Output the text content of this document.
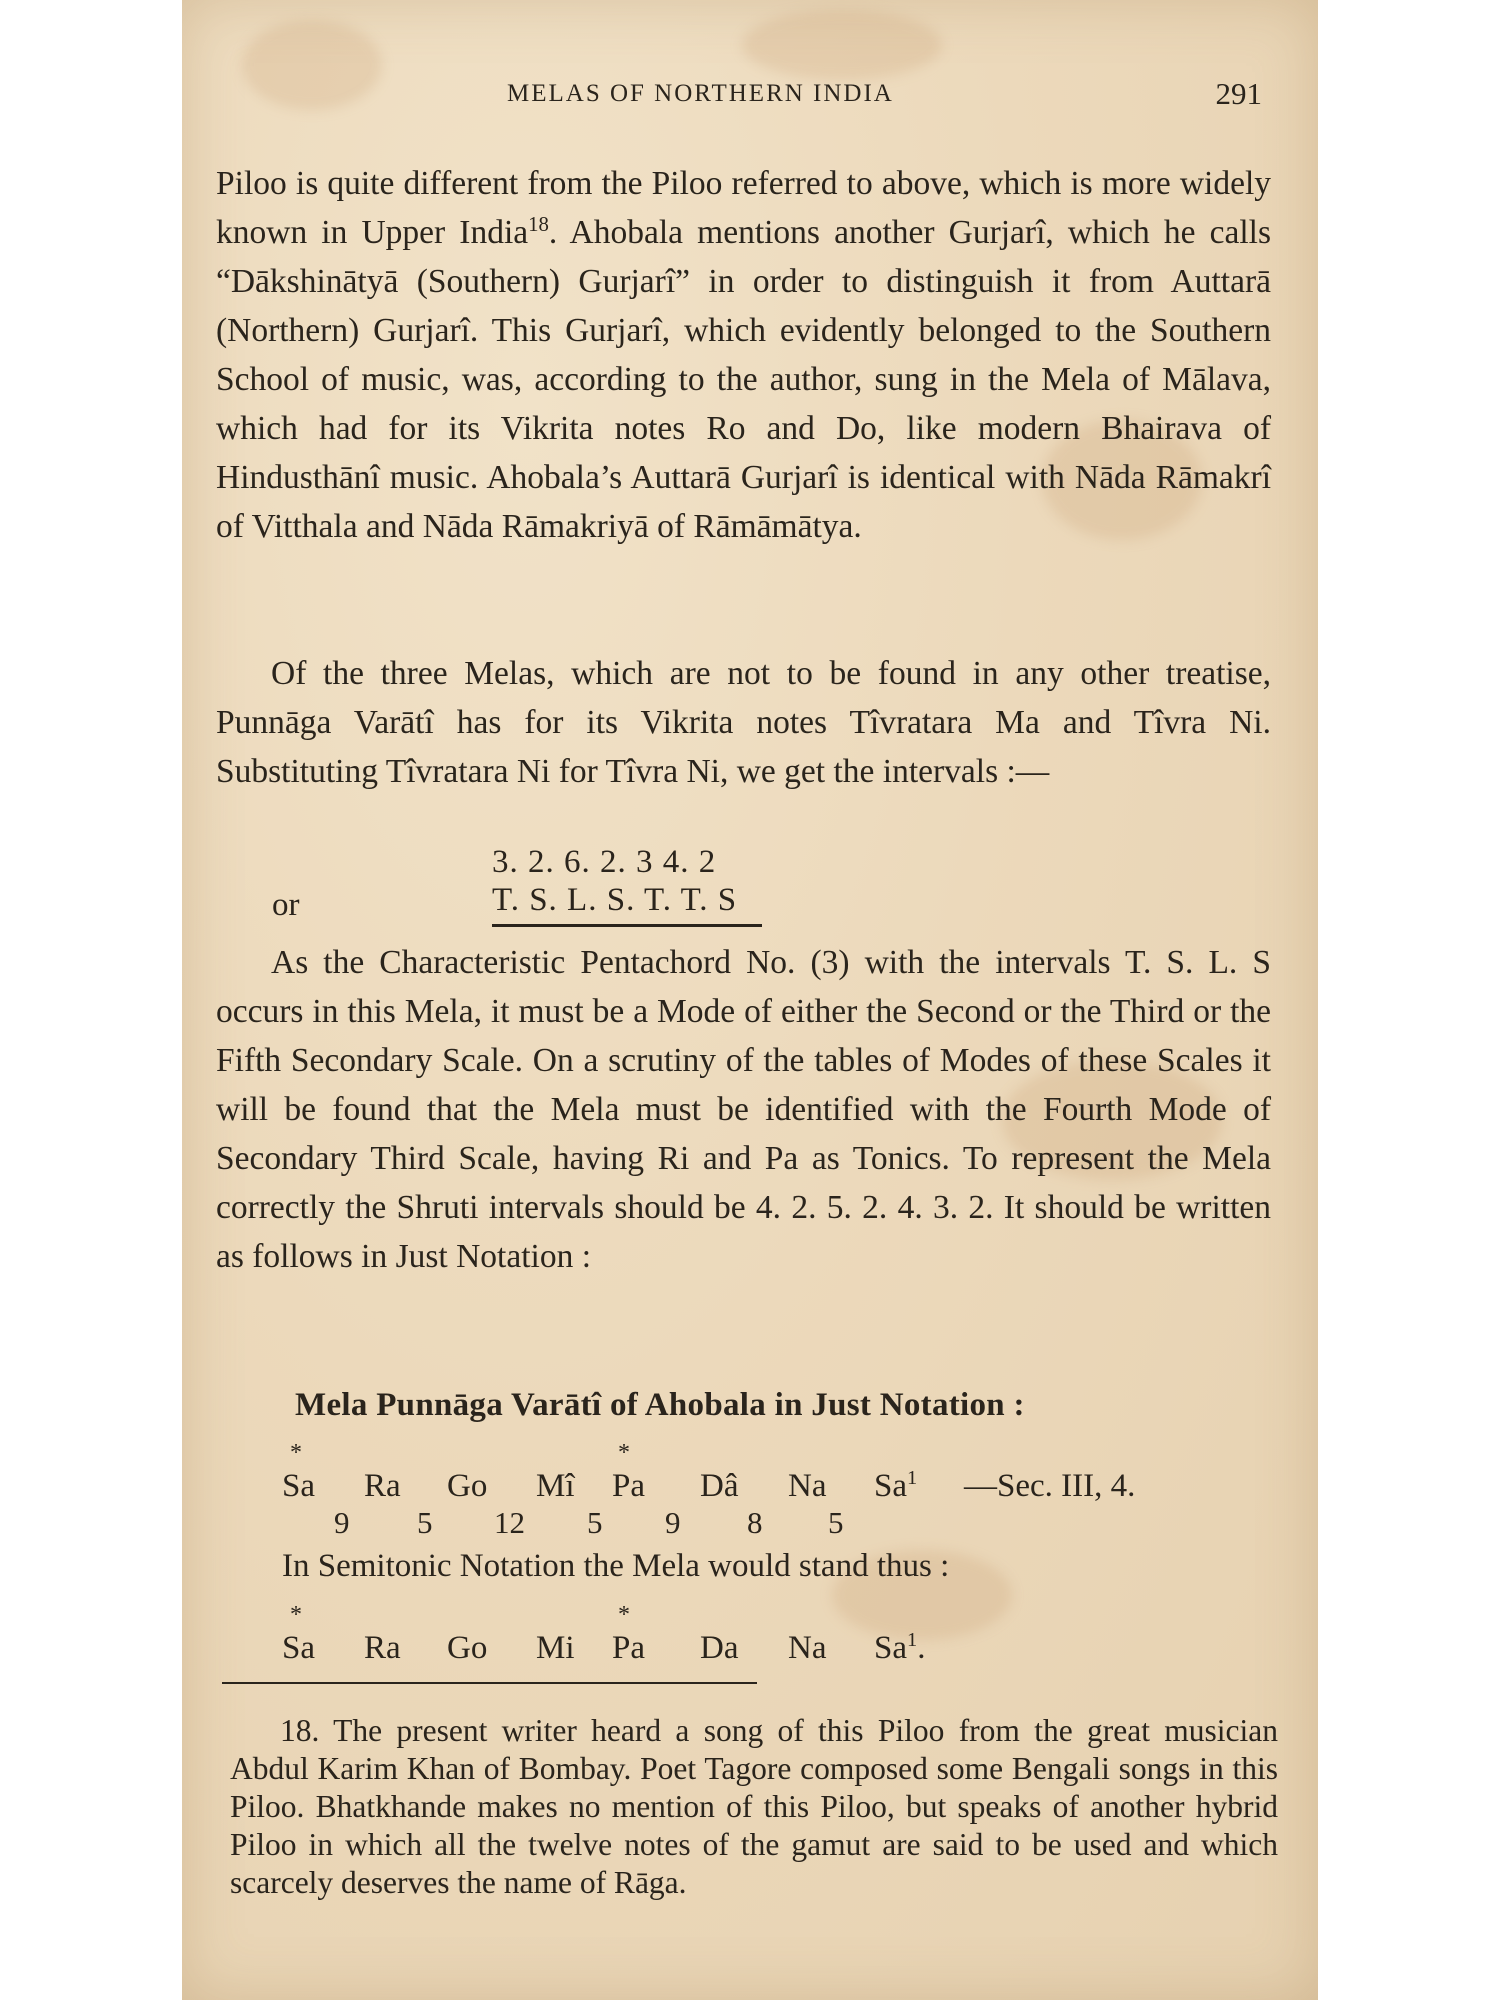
MELAS OF NORTHERN INDIA	291

Piloo is quite different from the Piloo referred to above, which is more widely known in Upper India$^{18}$. Ahobala mentions another Gurjarî, which he calls “Dākshinātyā (Southern) Gurjarî” in order to distinguish it from Auttarā (Northern) Gurjarî. This Gurjarî, which evidently belonged to the Southern School of music, was, according to the author, sung in the Mela of Mālava, which had for its Vikrita notes Ro and Do, like modern Bhairava of Hindusthānî music. Ahobala’s Auttarā Gurjarî is identical with Nāda Rāmakrî of Vitthala and Nāda Rāmakriyā of Rāmāmātya.

Of the three Melas, which are not to be found in any other treatise, Punnāga Varātî has for its Vikrita notes Tîvratara Ma and Tîvra Ni. Substituting Tîvratara Ni for Tîvra Ni, we get the intervals :—

3. 2. 6. 2. 3 4. 2
or	T. S. L. S. T. T. S

As the Characteristic Pentachord No. (3) with the intervals T. S. L. S occurs in this Mela, it must be a Mode of either the Second or the Third or the Fifth Secondary Scale. On a scrutiny of the tables of Modes of these Scales it will be found that the Mela must be identified with the Fourth Mode of Secondary Third Scale, having Ri and Pa as Tonics. To represent the Mela correctly the Shruti intervals should be 4. 2. 5. 2. 4. 3. 2. It should be written as follows in Just Notation :

Mela Punnāga Varātî of Ahobala in Just Notation :
*	*
Sa Ra Go Mî Pa Dâ Na Sa$^1$ —Sec. III, 4.
9 5 12 5 9 8 5
In Semitonic Notation the Mela would stand thus :
*	*
Sa Ra Go Mi Pa Da Na Sa$^1$.

18. The present writer heard a song of this Piloo from the great musician Abdul Karim Khan of Bombay. Poet Tagore composed some Bengali songs in this Piloo. Bhatkhande makes no mention of this Piloo, but speaks of another hybrid Piloo in which all the twelve notes of the gamut are said to be used and which scarcely deserves the name of Rāga.
